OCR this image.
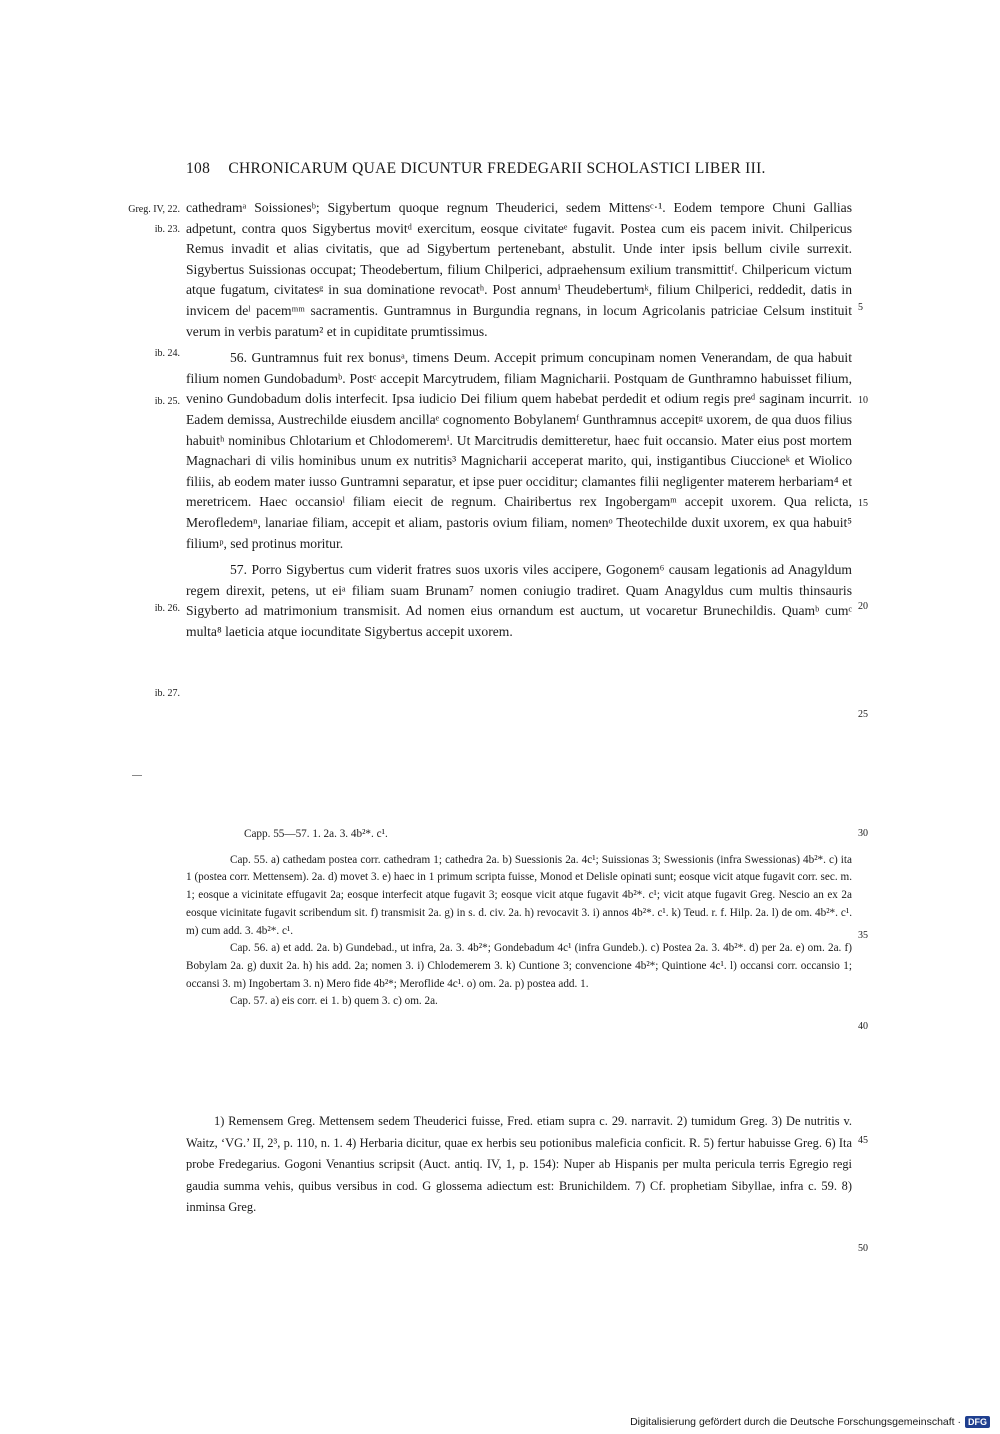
108 CHRONICARUM QUAE DICUNTUR FREDEGARII SCHOLASTICI LIBER III.
Greg. IV, 22.
ib. 23.
ib. 24.
ib. 25.
ib. 26.
ib. 27.
5
10
15
20
25
30
35
40
45
50

cathedramᵃ Soissionesᵇ; Sigybertum quoque regnum Theuderici, sedem Mittensᶜ·¹. Eodem tempore Chuni Gallias adpetunt, contra quos Sigybertus movitᵈ exercitum, eosque civitateᵉ fugavit. Postea cum eis pacem inivit. Chilpericus Remus invadit et alias civitatis, que ad Sigybertum pertenebant, abstulit. Unde inter ipsis bellum civile surrexit. Sigybertus Suissionas occupat; Theodebertum, filium Chilperici, adpraehensum exilium transmittitᶠ. Chilpericum victum atque fugatum, civitatesᵍ in sua dominatione revocatʰ. Post annumⁱ Theudebertumᵏ, filium Chilperici, reddedit, datis in invicem deˡ pacemᵐᵐ sacramentis. Guntramnus in Burgundia regnans, in locum Agricolanis patriciae Celsum instituit verum in verbis paratum² et in cupiditate prumtissimus.

56. Guntramnus fuit rex bonusᵃ, timens Deum. Accepit primum concupinam nomen Venerandam, de qua habuit filium nomen Gundobadumᵇ. Postᶜ accepit Marcytrudem, filiam Magnicharii. Postquam de Gunthramno habuisset filium, venino Gundobadum dolis interfecit. Ipsa iudicio Dei filium quem habebat perdedit et odium regis preᵈ saginam incurrit. Eadem demissa, Austrechilde eiusdem ancillaᵉ cognomento Bobylanemᶠ Gunthramnus accepitᵍ uxorem, de qua duos filius habuitʰ nominibus Chlotarium et Chlodomeremⁱ. Ut Marcitrudis demitteretur, haec fuit occansio. Mater eius post mortem Magnachari di vilis hominibus unum ex nutritis³ Magnicharii acceperat marito, qui, instigantibus Ciuccioneᵏ et Wiolico filiis, ab eodem mater iusso Guntramni separatur, et ipse puer occiditur; clamantes filii negligenter materem herbariam⁴ et meretricem. Haec occansioˡ filiam eiecit de regnum. Chairibertus rex Ingobergamᵐ accepit uxorem. Qua relicta, Merofledemⁿ, lanariae filiam, accepit et aliam, pastoris ovium filiam, nomenᵒ Theotechilde duxit uxorem, ex qua habuit⁵ filiumᵖ, sed protinus moritur.

57. Porro Sigybertus cum viderit fratres suos uxoris viles accipere, Gogonem⁶ causam legationis ad Anagyldum regem direxit, petens, ut eiᵃ filiam suam Brunam⁷ nomen coniugio tradiret. Quam Anagyldus cum multis thinsauris Sigyberto ad matrimonium transmisit. Ad nomen eius ornandum est auctum, ut vocaretur Brunechildis. Quamᵇ cumᶜ multa⁸ laeticia atque iocunditate Sigybertus accepit uxorem.

Capp. 55—57. 1. 2a. 3. 4b²*. c¹.

Cap. 55. a) cathedam postea corr. cathedram 1; cathedra 2a. b) Suessionis 2a. 4c¹; Suissionas 3; Swessionis (infra Swessionas) 4b²*. c) ita 1 (postea corr. Mettensem). 2a. d) movet 3. e) haec in 1 primum scripta fuisse, Monod et Delisle opinati sunt; eosque vicit atque fugavit corr. sec. m. 1; eosque a vicinitate effugavit 2a; eosque interfecit atque fugavit 3; eosque vicit atque fugavit 4b²*. c¹; vicit atque fugavit Greg. Nescio an ex 2a eosque vicinitate fugavit scribendum sit. f) transmisit 2a. g) in s. d. civ. 2a. h) revocavit 3. i) annos 4b²*. c¹. k) Teud. r. f. Hilp. 2a. l) de om. 4b²*. c¹. m) cum add. 3. 4b²*. c¹.

Cap. 56. a) et add. 2a. b) Gundebad., ut infra, 2a. 3. 4b²*; Gondebadum 4c¹ (infra Gundeb.). c) Postea 2a. 3. 4b²*. d) per 2a. e) om. 2a. f) Bobylam 2a. g) duxit 2a. h) his add. 2a; nomen 3. i) Chlodemerem 3. k) Cuntione 3; convencione 4b²*; Quintione 4c¹. l) occansi corr. occansio 1; occansi 3. m) Ingobertam 3. n) Mero fide 4b²*; Meroflide 4c¹. o) om. 2a. p) postea add. 1.

Cap. 57. a) eis corr. ei 1. b) quem 3. c) om. 2a.

1) Remensem Greg. Mettensem sedem Theuderici fuisse, Fred. etiam supra c. 29. narravit. 2) tumidum Greg. 3) De nutritis v. Waitz, ‘VG.’ II, 2³, p. 110, n. 1. 4) Herbaria dicitur, quae ex herbis seu potionibus maleficia conficit. R. 5) fertur habuisse Greg. 6) Ita probe Fredegarius. Gogoni Venantius scripsit (Auct. antiq. IV, 1, p. 154): Nuper ab Hispanis per multa pericula terris Egregio regi gaudia summa vehis, quibus versibus in cod. G glossema adiectum est: Brunichildem. 7) Cf. prophetiam Sibyllae, infra c. 59. 8) inminsa Greg.

Digitalisierung gefördert durch die Deutsche Forschungsgemeinschaft · DFG
